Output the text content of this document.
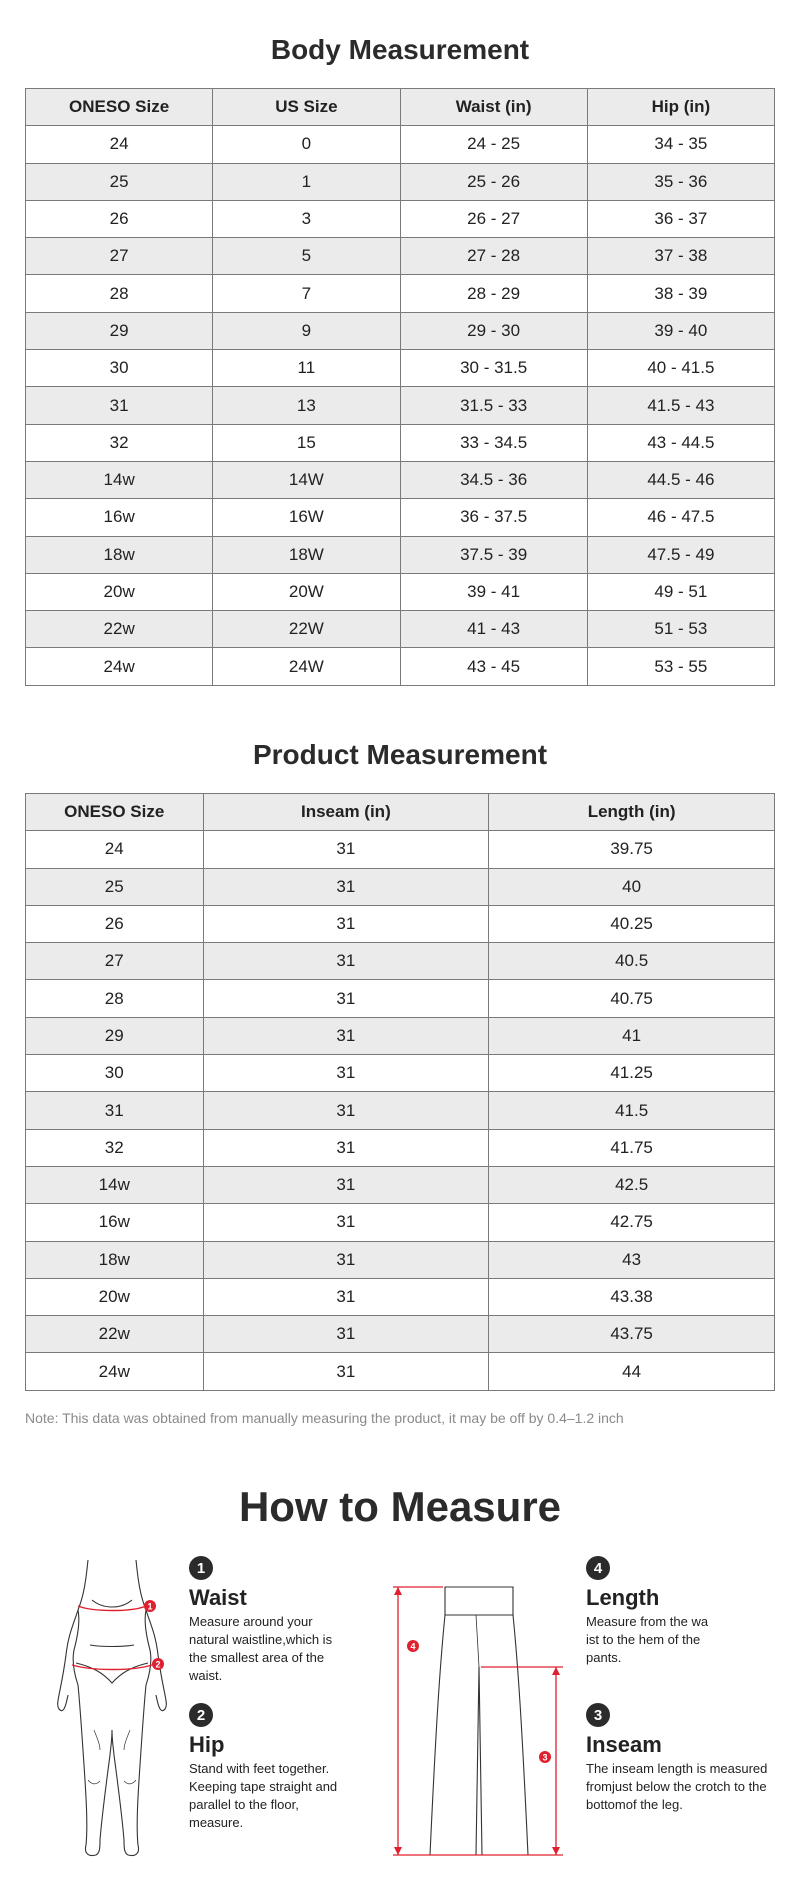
Body Measurement
ONESO Size	US Size	Waist (in)	Hip (in)
24	0	24 - 25	34 - 35
25	1	25 - 26	35 - 36
26	3	26 - 27	36 - 37
27	5	27 - 28	37 - 38
28	7	28 - 29	38 - 39
29	9	29 - 30	39 - 40
30	11	30 - 31.5	40 - 41.5
31	13	31.5 - 33	41.5 - 43
32	15	33 - 34.5	43 - 44.5
14w	14W	34.5 - 36	44.5 - 46
16w	16W	36 - 37.5	46 - 47.5
18w	18W	37.5 - 39	47.5 - 49
20w	20W	39 - 41	49 - 51
22w	22W	41 - 43	51 - 53
24w	24W	43 - 45	53 - 55
Product Measurement
ONESO Size	Inseam (in)	Length (in)
24	31	39.75
25	31	40
26	31	40.25
27	31	40.5
28	31	40.75
29	31	41
30	31	41.25
31	31	41.5
32	31	41.75
14w	31	42.5
16w	31	42.75
18w	31	43
20w	31	43.38
22w	31	43.75
24w	31	44
Note: This data was obtained from manually measuring the product, it may be off by 0.4–1.2 inch
How to Measure
1
2
4
3
1
Waist
Measure around your natural waistline,which is the smallest area of the waist.
2
Hip
Stand with feet together. Keeping tape straight and parallel to the floor, measure.
4
Length
Measure from the wa ist to the hem of the pants.
3
Inseam
The inseam length is measured fromjust below the crotch to the bottomof the leg.
